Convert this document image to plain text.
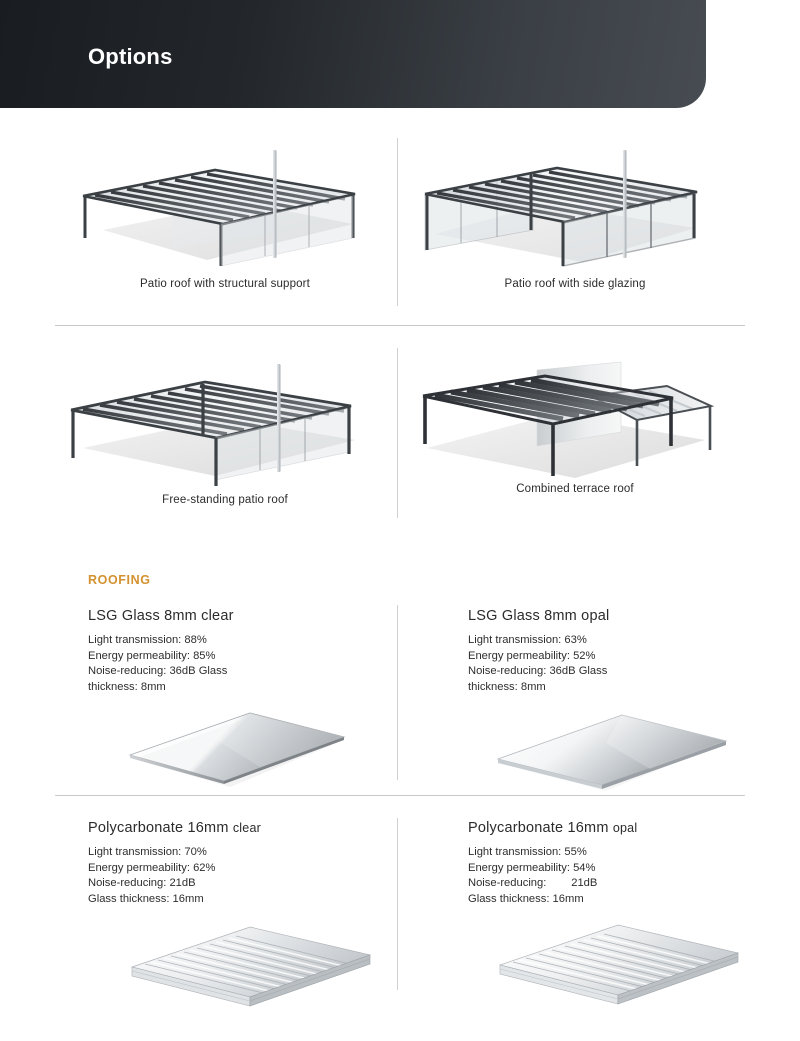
Options
Patio roof with structural support	Patio roof with side glazing
Free-standing patio roof
Combined terrace roof
ROOFING
LSG Glass 8mm clear
Light transmission: 88%
Energy permeability: 85%
Noise-reducing: 36dB Glass
thickness: 8mm
LSG Glass 8mm opal
Light transmission: 63%
Energy permeability: 52%
Noise-reducing: 36dB Glass
thickness: 8mm
Polycarbonate 16mm clear
Light transmission: 70%
Energy permeability: 62%
Noise-reducing: 21dB
Glass thickness: 16mm
Polycarbonate 16mm opal
Light transmission: 55%
Energy permeability: 54%
Noise-reducing:        21dB
Glass thickness: 16mm
